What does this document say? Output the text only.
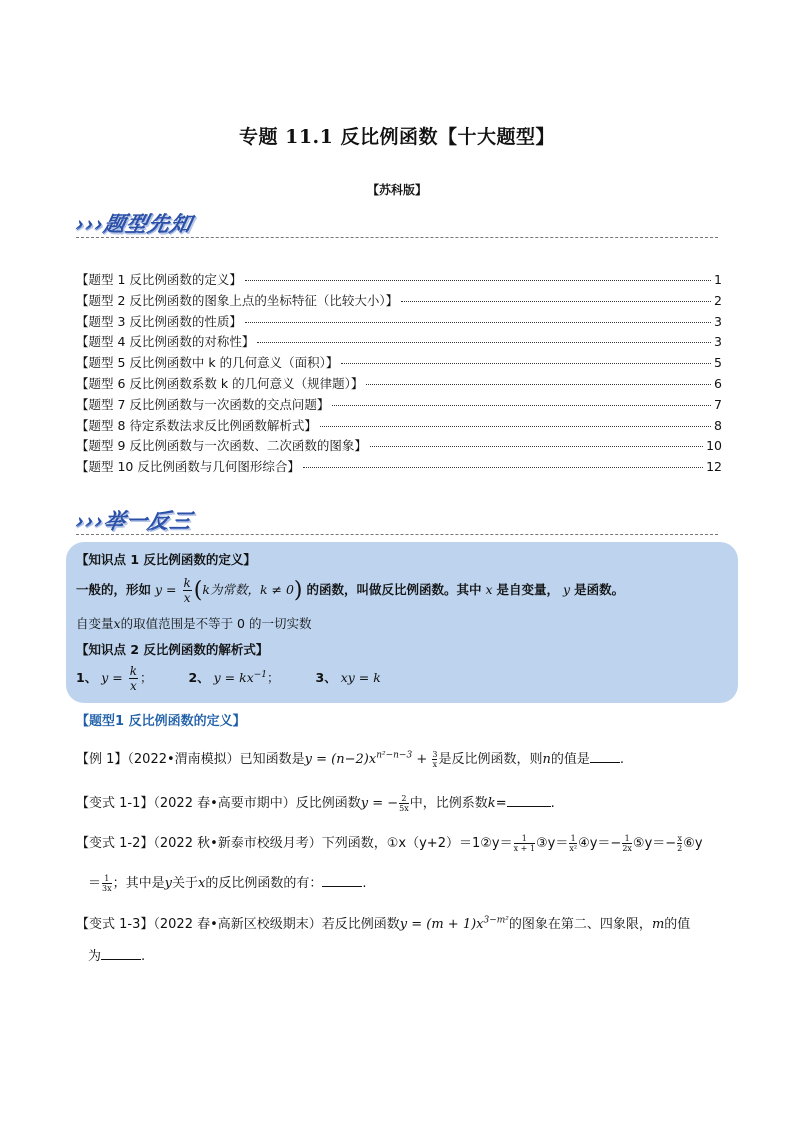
专题 11.1 反比例函数【十大题型】
【苏科版】
›››题型先知
【题型 1 反比例函数的定义】	1
【题型 2 反比例函数的图象上点的坐标特征（比较大小）】	2
【题型 3 反比例函数的性质】	3
【题型 4 反比例函数的对称性】	3
【题型 5 反比例函数中 k 的几何意义（面积）】	5
【题型 6 反比例函数系数 k 的几何意义（规律题）】	6
【题型 7 反比例函数与一次函数的交点问题】	7
【题型 8 待定系数法求反比例函数解析式】	8
【题型 9 反比例函数与一次函数、二次函数的图象】	10
【题型 10 反比例函数与几何图形综合】	12
›››举一反三
【知识点 1 反比例函数的定义】
一般的，形如 $y = \frac{k}{x} (k$为常数，k ≠ 0) 的函数，叫做反比例函数。其中 x 是自变量， y 是函数。
自变量x的取值范围是不等于 0 的一切实数
【知识点 2 反比例函数的解析式】
1、 $y = \frac{k}{x}$ ；	2、 $y = kx^{-1}$；	3、 xy = k
【题型1 反比例函数的定义】
【例 1】（2022•渭南模拟）已知函数是$y = (n-2)x^{n^2-n-3} + \frac{3}{x}$ 是反比例函数，则n的值是 .
【变式 1-1】（2022 春•高要市期中）反比例函数y = − $\frac{2}{5x}$ 中，比例系数k=	.
【变式 1-2】（2022 秋•新泰市校级月考）下列函数，①x（y+2）＝1②y＝ $\frac{1}{x + 1}$ ③y＝ $\frac{1}{\text{x²}}$ ④y＝− $\frac{1}{2x}$ ⑤y＝− $\frac{x}{2}$ ⑥y
＝ $\frac{1}{3x}$ ；其中是y关于x的反比例函数的有：	.
【变式 1-3】（2022 春•高新区校级期末）若反比例函数$y = (m + 1)x^{3-m^2}$的图象在第二、四象限，m的值
为	.
